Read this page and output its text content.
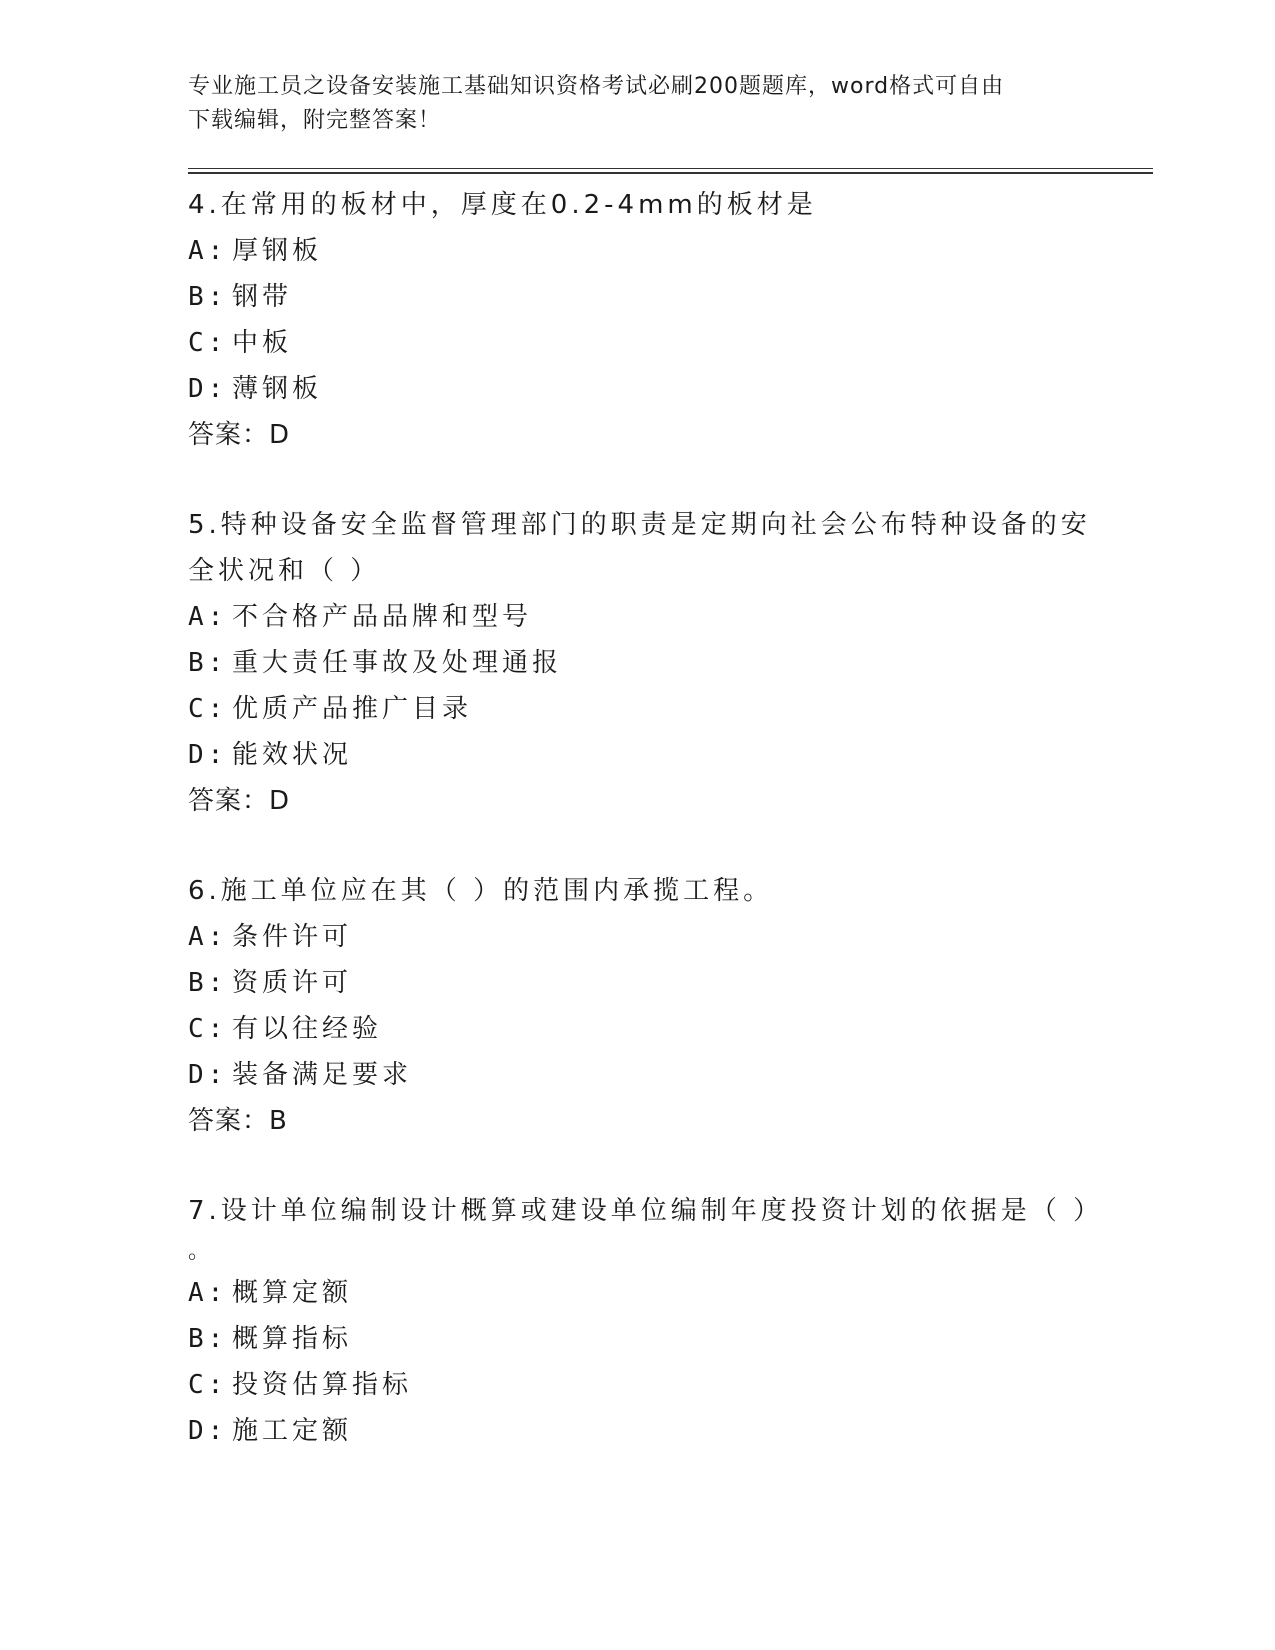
专业施工员之设备安装施工基础知识资格考试必刷200题题库，word格式可自由

下载编辑，附完整答案！

4.在常用的板材中，厚度在0.2-4mm的板材是

A: 厚钢板
B: 钢带
C: 中板
D: 薄钢板

答案：D

5.特种设备安全监督管理部门的职责是定期向社会公布特种设备的安

全状况和（ ）

A: 不合格产品品牌和型号
B: 重大责任事故及处理通报
C: 优质产品推广目录
D: 能效状况

答案：D

6.施工单位应在其（ ）的范围内承揽工程。

A: 条件许可
B: 资质许可
C: 有以往经验
D: 装备满足要求

答案：B

7.设计单位编制设计概算或建设单位编制年度投资计划的依据是（ ）

。

A: 概算定额
B: 概算指标
C: 投资估算指标
D: 施工定额
